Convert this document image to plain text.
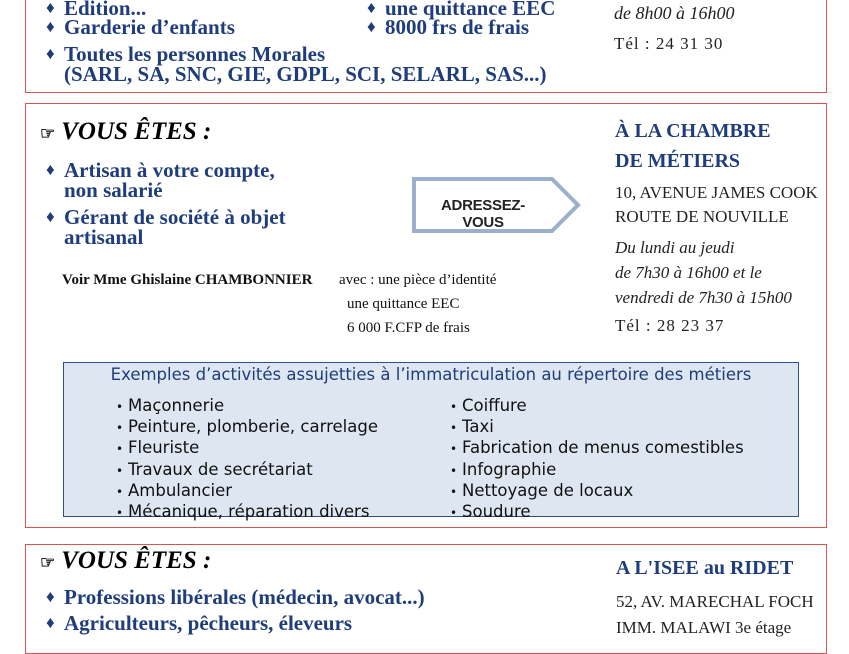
♦ Edition...
♦ Garderie d’enfants
♦ Toutes les personnes Morales
(SARL, SA, SNC, GIE, GDPL, SCI, SELARL, SAS...)
♦ une quittance EEC
♦ 8000 frs de frais
de 8h00 à 16h00
Tél : 24 31 30
☞ VOUS ÊTES :
♦ Artisan à votre compte,
non salarié
♦ Gérant de société à objet
artisanal
ADRESSEZ-VOUS
Voir Mme Ghislaine CHAMBONNIER avec : une pièce d’identité
une quittance EEC
6 000 F.CFP de frais
À LA CHAMBRE
DE MÉTIERS
10, AVENUE JAMES COOK
ROUTE DE NOUVILLE
Du lundi au jeudi
de 7h30 à 16h00 et le
vendredi de 7h30 à 15h00
Tél : 28 23 37
Exemples d’activités assujetties à l’immatriculation au répertoire des métiers
• Maçonnerie
• Peinture, plomberie, carrelage
• Fleuriste
• Travaux de secrétariat
• Ambulancier
• Mécanique, réparation divers
• Coiffure
• Taxi
• Fabrication de menus comestibles
• Infographie
• Nettoyage de locaux
• Soudure
☞ VOUS ÊTES :
♦ Professions libérales (médecin, avocat...)
♦ Agriculteurs, pêcheurs, éleveurs
A L'ISEE au RIDET
52, AV. MARECHAL FOCH
IMM. MALAWI 3e étage
